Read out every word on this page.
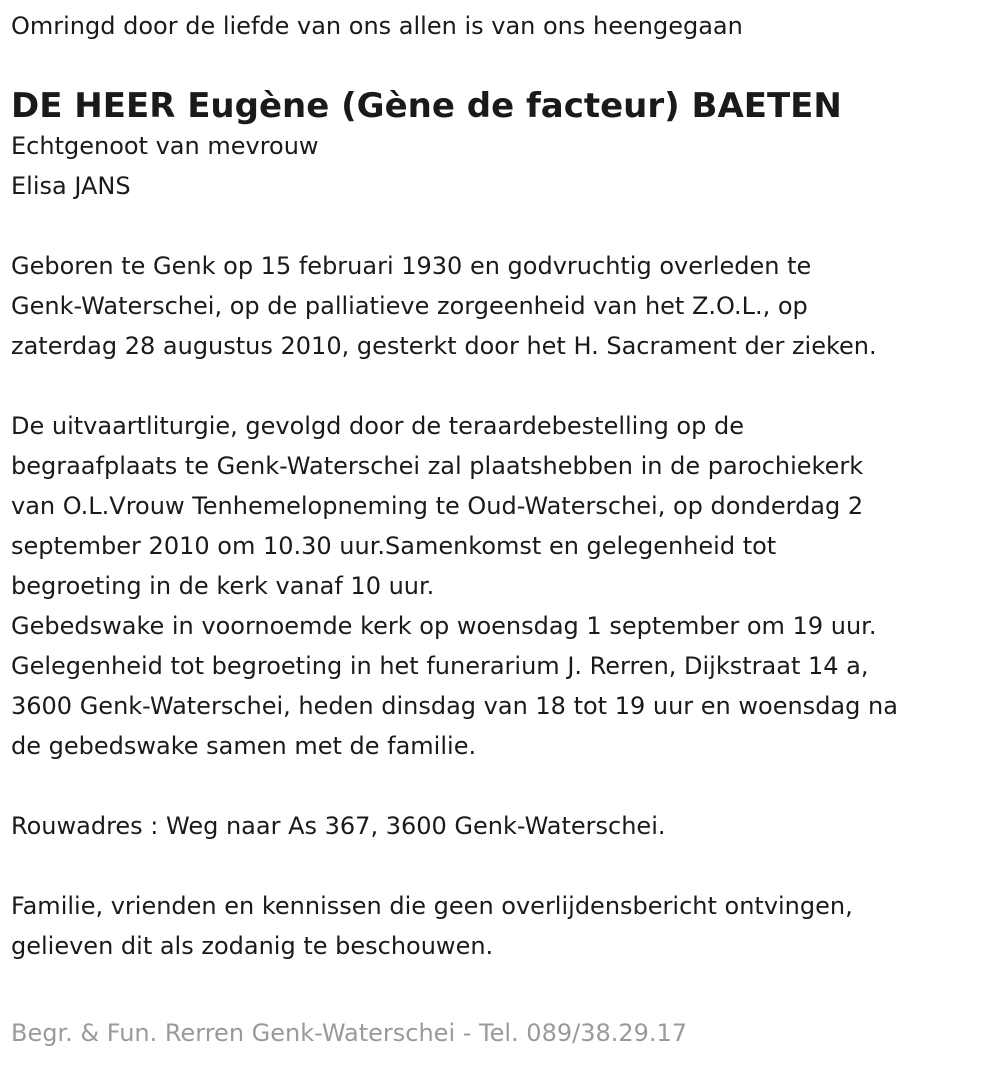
Omringd door de liefde van ons allen is van ons heengegaan

DE HEER Eugène (Gène de facteur) BAETEN

Echtgenoot van mevrouw

Elisa JANS

Geboren te Genk op 15 februari 1930 en godvruchtig overleden te

Genk-Waterschei, op de palliatieve zorgeenheid van het Z.O.L., op

zaterdag 28 augustus 2010, gesterkt door het H. Sacrament der zieken.

De uitvaartliturgie, gevolgd door de teraardebestelling op de

begraafplaats te Genk-Waterschei zal plaatshebben in de parochiekerk

van O.L.Vrouw Tenhemelopneming te Oud-Waterschei, op donderdag 2

september 2010 om 10.30 uur.Samenkomst en gelegenheid tot

begroeting in de kerk vanaf 10 uur.

Gebedswake in voornoemde kerk op woensdag 1 september om 19 uur.

Gelegenheid tot begroeting in het funerarium J. Rerren, Dijkstraat 14 a,

3600 Genk-Waterschei, heden dinsdag van 18 tot 19 uur en woensdag na

de gebedswake samen met de familie.

Rouwadres : Weg naar As 367, 3600 Genk-Waterschei.

Familie, vrienden en kennissen die geen overlijdensbericht ontvingen,

gelieven dit als zodanig te beschouwen.

Begr. & Fun. Rerren Genk-Waterschei - Tel. 089/38.29.17
